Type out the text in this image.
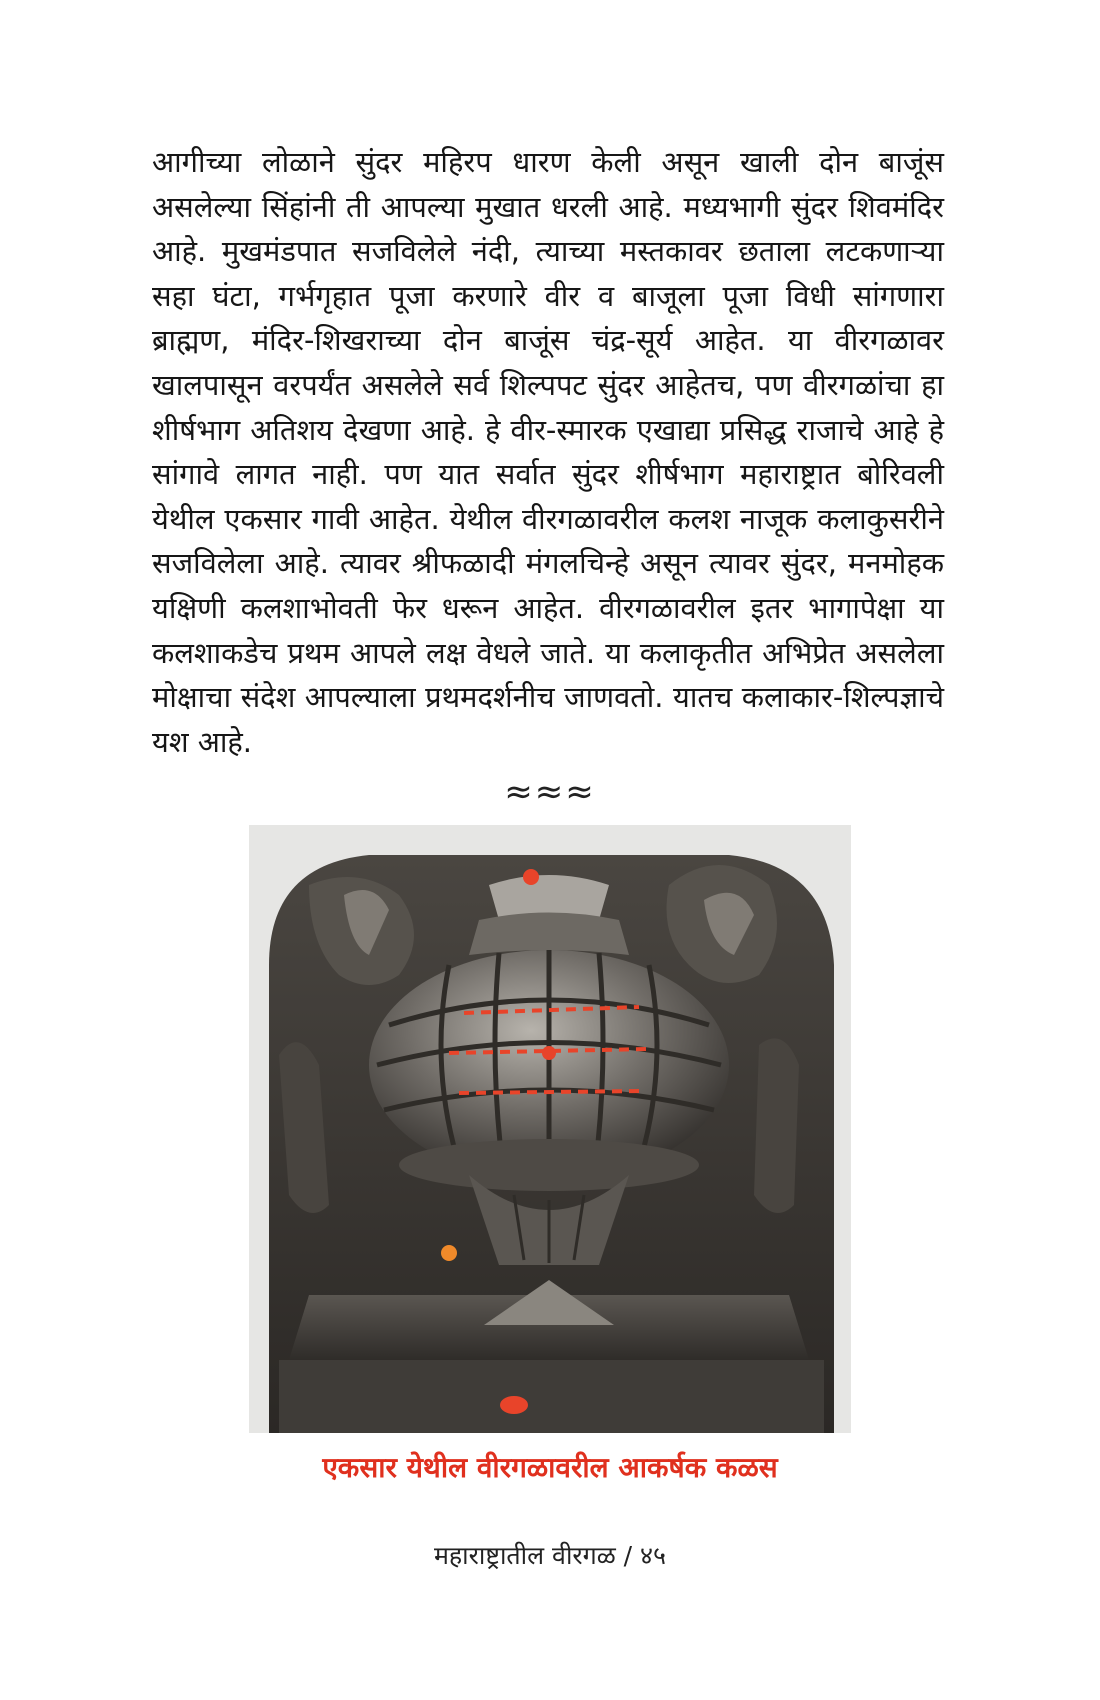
आगीच्या लोळाने सुंदर महिरप धारण केली असून खाली दोन बाजूंस असलेल्या सिंहांनी ती आपल्या मुखात धरली आहे. मध्यभागी सुंदर शिवमंदिर आहे. मुखमंडपात सजविलेले नंदी, त्याच्या मस्तकावर छताला लटकणाऱ्या सहा घंटा, गर्भगृहात पूजा करणारे वीर व बाजूला पूजा विधी सांगणारा ब्राह्मण, मंदिर-शिखराच्या दोन बाजूंस चंद्र-सूर्य आहेत. या वीरगळावर खालपासून वरपर्यंत असलेले सर्व शिल्पपट सुंदर आहेतच, पण वीरगळांचा हा शीर्षभाग अतिशय देखणा आहे. हे वीर-स्मारक एखाद्या प्रसिद्ध राजाचे आहे हे सांगावे लागत नाही. पण यात सर्वात सुंदर शीर्षभाग महाराष्ट्रात बोरिवली येथील एकसार गावी आहेत. येथील वीरगळावरील कलश नाजूक कलाकुसरीने सजविलेला आहे. त्यावर श्रीफळादी मंगलचिन्हे असून त्यावर सुंदर, मनमोहक यक्षिणी कलशाभोवती फेर धरून आहेत. वीरगळावरील इतर भागापेक्षा या कलशाकडेच प्रथम आपले लक्ष वेधले जाते. या कलाकृतीत अभिप्रेत असलेला मोक्षाचा संदेश आपल्याला प्रथमदर्शनीच जाणवतो. यातच कलाकार-शिल्पज्ञाचे यश आहे.

≈≈≈
एकसार येथील वीरगळावरील आकर्षक कळस
महाराष्ट्रातील वीरगळ / ४५
